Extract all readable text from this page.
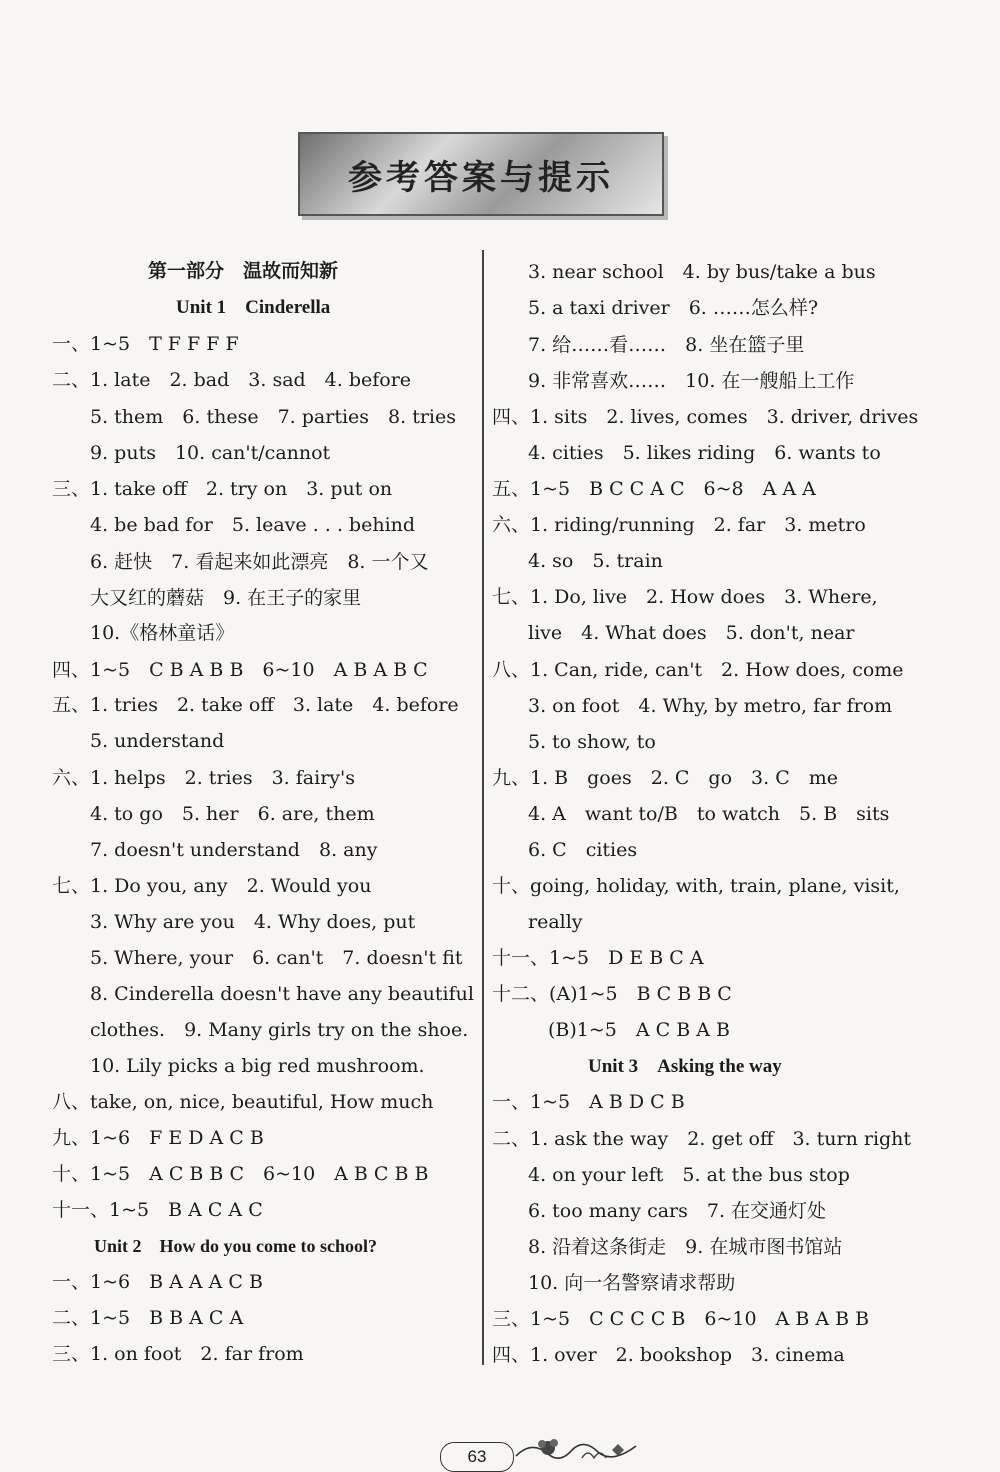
参考答案与提示
第一部分　温故而知新
Unit 1　Cinderella
一、1~5　T F F F F
二、1. late　2. bad　3. sad　4. before
5. them　6. these　7. parties　8. tries
9. puts　10. can't/cannot
三、1. take off　2. try on　3. put on
4. be bad for　5. leave . . . behind
6. 赶快　7. 看起来如此漂亮　8. 一个又
大又红的蘑菇　9. 在王子的家里
10.《格林童话》
四、1~5　C B A B B　6~10　A B A B C
五、1. tries　2. take off　3. late　4. before
5. understand
六、1. helps　2. tries　3. fairy's
4. to go　5. her　6. are, them
7. doesn't understand　8. any
七、1. Do you, any　2. Would you
3. Why are you　4. Why does, put
5. Where, your　6. can't　7. doesn't fit
8. Cinderella doesn't have any beautiful
clothes.　9. Many girls try on the shoe.
10. Lily picks a big red mushroom.
八、take, on, nice, beautiful, How much
九、1~6　F E D A C B
十、1~5　A C B B C　6~10　A B C B B
十一、1~5　B A C A C
Unit 2　How do you come to school?
一、1~6　B A A A C B
二、1~5　B B A C A
三、1. on foot　2. far from
3. near school　4. by bus/take a bus
5. a taxi driver　6. ……怎么样?
7. 给……看……　8. 坐在篮子里
9. 非常喜欢……　10. 在一艘船上工作
四、1. sits　2. lives, comes　3. driver, drives
4. cities　5. likes riding　6. wants to
五、1~5　B C C A C　6~8　A A A
六、1. riding/running　2. far　3. metro
4. so　5. train
七、1. Do, live　2. How does　3. Where,
live　4. What does　5. don't, near
八、1. Can, ride, can't　2. How does, come
3. on foot　4. Why, by metro, far from
5. to show, to
九、1. B　goes　2. C　go　3. C　me
4. A　want to/B　to watch　5. B　sits
6. C　cities
十、going, holiday, with, train, plane, visit,
really
十一、1~5　D E B C A
十二、(A)1~5　B C B B C
(B)1~5　A C B A B
Unit 3　Asking the way
一、1~5　A B D C B
二、1. ask the way　2. get off　3. turn right
4. on your left　5. at the bus stop
6. too many cars　7. 在交通灯处
8. 沿着这条街走　9. 在城市图书馆站
10. 向一名警察请求帮助
三、1~5　C C C C B　6~10　A B A B B
四、1. over　2. bookshop　3. cinema
63
